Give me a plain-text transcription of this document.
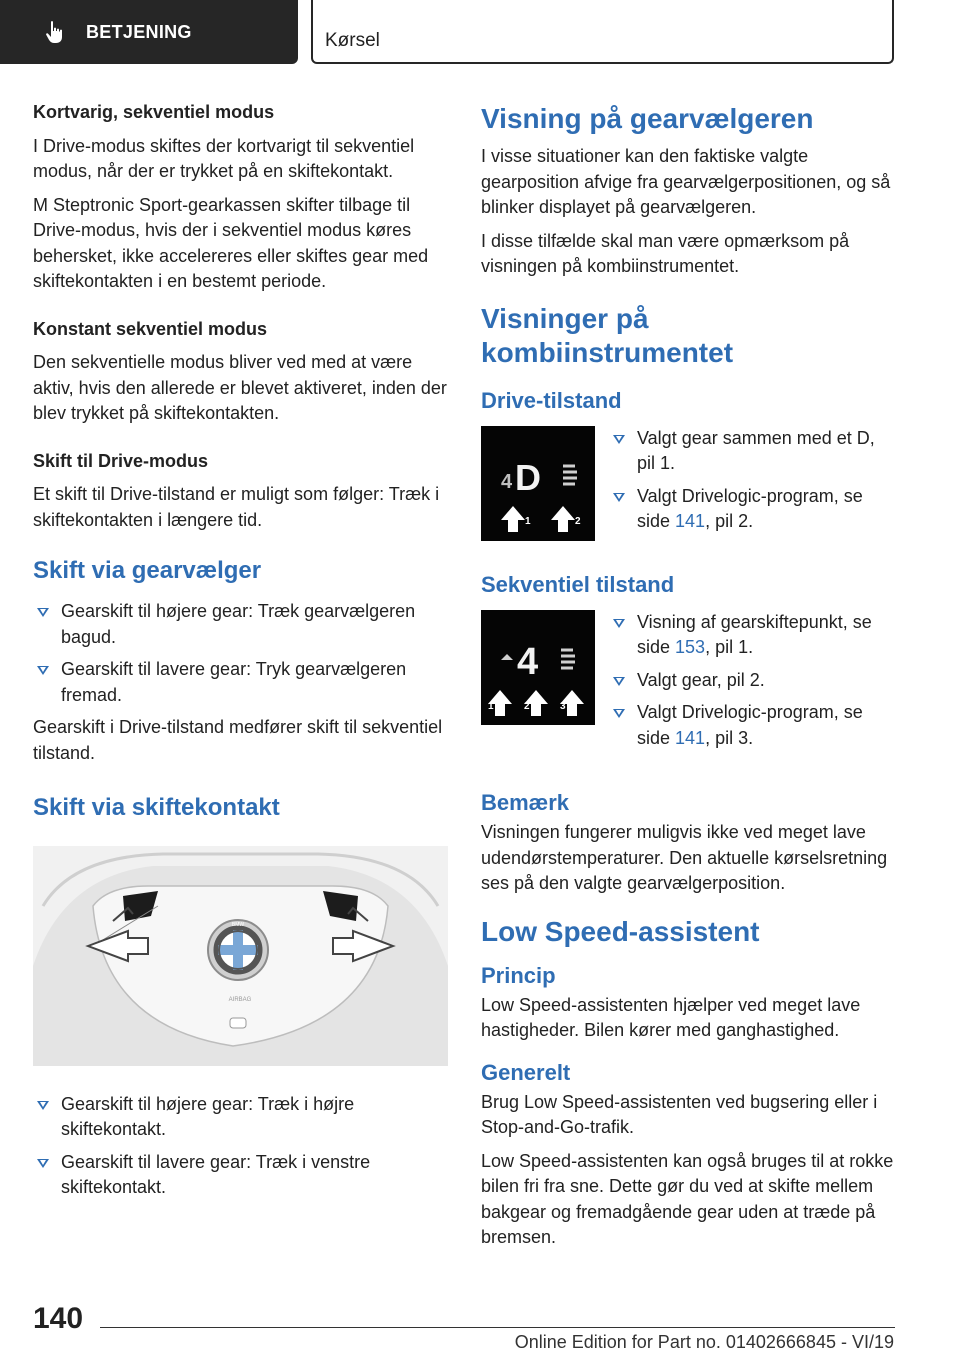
BETJENING	Kørsel

Kortvarig, sekventiel modus

I Drive-modus skiftes der kortvarigt til sekventiel modus, når der er trykket på en skiftekontakt.

M Steptronic Sport-gearkassen skifter tilbage til Drive-modus, hvis der i sekventiel modus køres behersket, ikke accelereres eller skiftes gear med skiftekontakten i en bestemt periode.

Konstant sekventiel modus

Den sekventielle modus bliver ved med at være aktiv, hvis den allerede er blevet aktiveret, inden der blev trykket på skiftekontakten.

Skift til Drive-modus

Et skift til Drive-tilstand er muligt som følger: Træk i skiftekontakten i længere tid.

Skift via gearvælger
Gearskift til højere gear: Træk gearvælgeren bagud.
Gearskift til lavere gear: Tryk gearvælgeren fremad.

Gearskift i Drive-tilstand medfører skift til sekventiel tilstand.

Skift via skiftekontakt
BMW
AIRBAG
Gearskift til højere gear: Træk i højre skiftekontakt.
Gearskift til lavere gear: Træk i venstre skiftekontakt.
Visning på gearvælgeren

I visse situationer kan den faktiske valgte gearposition afvige fra gearvælgerpositionen, og så blinker displayet på gearvælgeren.

I disse tilfælde skal man være opmærksom på visningen på kombiinstrumentet.

Visninger på kombiinstrumentet
Drive-tilstand
4 D
1	2
Valgt gear sammen med et D, pil 1.
Valgt Drivelogic-program, se side 141, pil 2.
Sekventiel tilstand
4
1	2	3
Visning af gearskiftepunkt, se side 153, pil 1.
Valgt gear, pil 2.
Valgt Drivelogic-program, se side 141, pil 3.
Bemærk

Visningen fungerer muligvis ikke ved meget lave udendørstemperaturer. Den aktuelle kørselsretning ses på den valgte gearvælgerposition.

Low Speed-assistent
Princip

Low Speed-assistenten hjælper ved meget lave hastigheder. Bilen kører med ganghastighed.

Generelt

Brug Low Speed-assistenten ved bugsering eller i Stop-and-Go-trafik.

Low Speed-assistenten kan også bruges til at rokke bilen fri fra sne. Dette gør du ved at skifte mellem bakgear og fremadgående gear uden at træde på bremsen.

140
Online Edition for Part no. 01402666845 - VI/19
